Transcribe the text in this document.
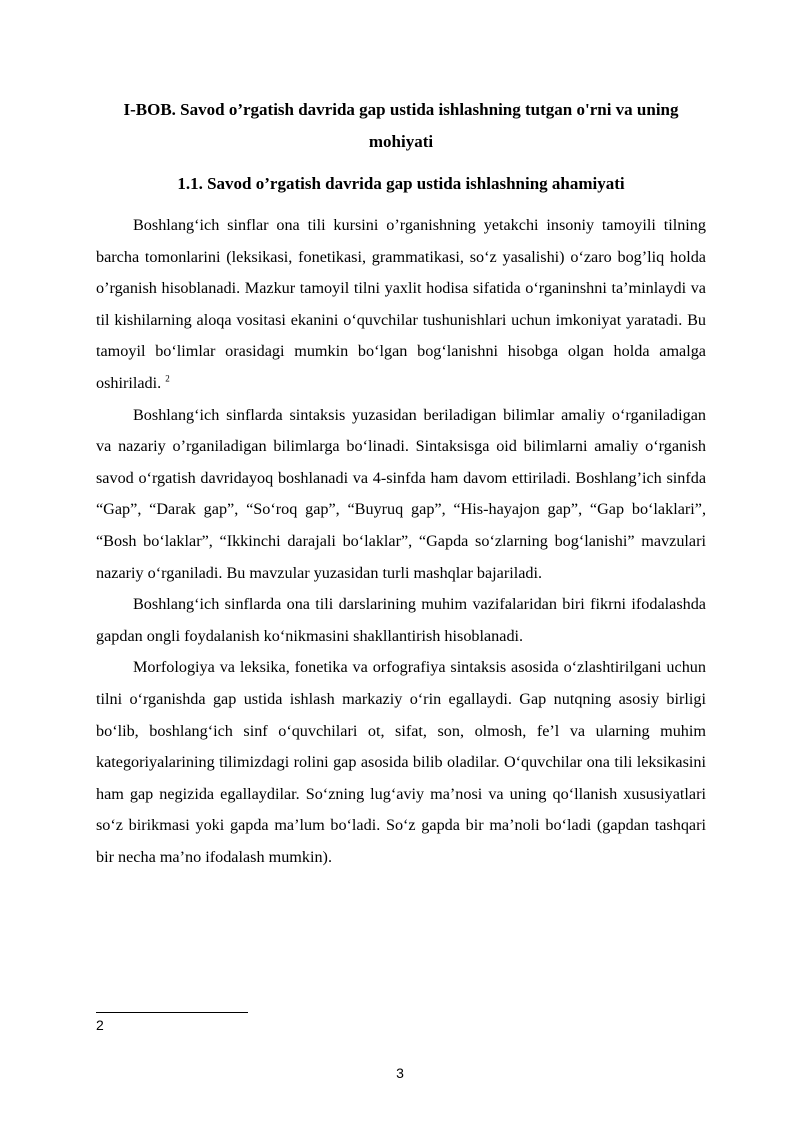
I-BOB. Savod o’rgatish davrida gap ustida ishlashning tutgan o'rni va uning mohiyati
1.1. Savod o’rgatish davrida gap ustida ishlashning ahamiyati

Boshlang‘ich sinflar ona tili kursini o’rganishning yetakchi insoniy tamoyili tilning barcha tomonlarini (leksikasi, fonetikasi, grammatikasi, so‘z yasalishi) o‘zaro bog’liq holda o’rganish hisoblanadi. Mazkur tamoyil tilni yaxlit hodisa sifatida o‘rganinshni ta’minlaydi va til kishilarning aloqa vositasi ekanini o‘quvchilar tushunishlari uchun imkoniyat yaratadi. Bu tamoyil bo‘limlar orasidagi mumkin bo‘lgan bog‘lanishni hisobga olgan holda amalga oshiriladi. $^2$

Boshlang‘ich sinflarda sintaksis yuzasidan beriladigan bilimlar amaliy o‘rganiladigan va nazariy o’rganiladigan bilimlarga bo‘linadi. Sintaksisga oid bilimlarni amaliy o‘rganish savod o‘rgatish davridayoq boshlanadi va 4-sinfda ham davom ettiriladi. Boshlang’ich sinfda “Gap”, “Darak gap”, “So‘roq gap”, “Buyruq gap”, “His-hayajon gap”, “Gap bo‘laklari”, “Bosh bo‘laklar”, “Ikkinchi darajali bo‘laklar”, “Gapda so‘zlarning bog‘lanishi” mavzulari nazariy o‘rganiladi. Bu mavzular yuzasidan turli mashqlar bajariladi.

Boshlang‘ich sinflarda ona tili darslarining muhim vazifalaridan biri fikrni ifodalashda gapdan ongli foydalanish ko‘nikmasini shakllantirish hisoblanadi.

Morfologiya va leksika, fonetika va orfografiya sintaksis asosida o‘zlashtirilgani uchun tilni o‘rganishda gap ustida ishlash markaziy o‘rin egallaydi. Gap nutqning asosiy birligi bo‘lib, boshlang‘ich sinf o‘quvchilari ot, sifat, son, olmosh, fe’l va ularning muhim kategoriyalarining tilimizdagi rolini gap asosida bilib oladilar. O‘quvchilar ona tili leksikasini ham gap negizida egallaydilar. So‘zning lug‘aviy ma’nosi va uning qo‘llanish xususiyatlari so‘z birikmasi yoki gapda ma’lum bo‘ladi. So‘z gapda bir ma’noli bo‘ladi (gapdan tashqari bir necha ma’no ifodalash mumkin).

2
3
